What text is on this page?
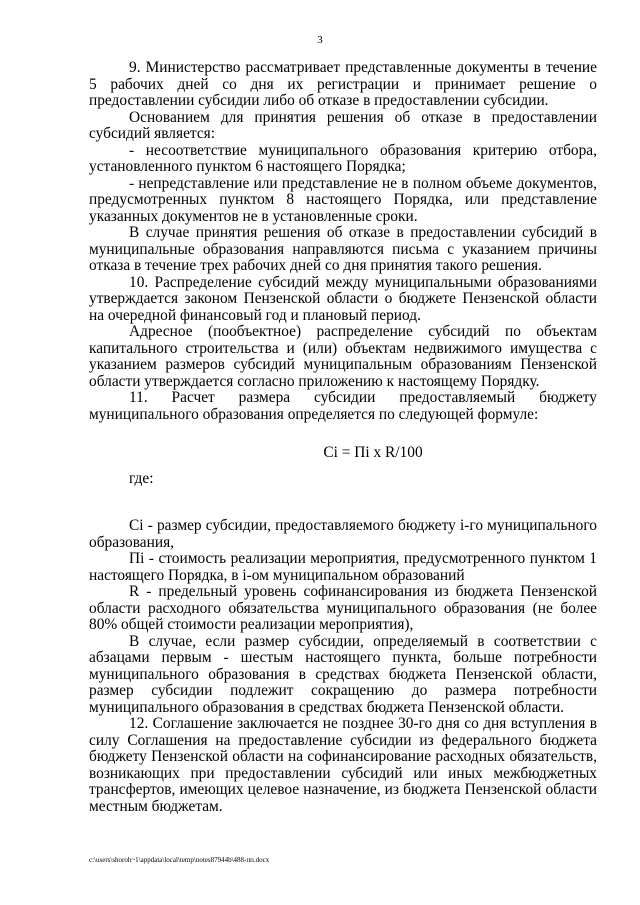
3

9. Министерство рассматривает представленные документы в течение 5 рабочих дней со дня их регистрации и принимает решение о предоставлении субсидии либо об отказе в предоставлении субсидии.

Основанием для принятия решения об отказе в предоставлении субсидий является:

- несоответствие муниципального образования критерию отбора, установленного пунктом 6 настоящего Порядка;

- непредставление или представление не в полном объеме документов, предусмотренных пунктом 8 настоящего Порядка, или представление указанных документов не в установленные сроки.

В случае принятия решения об отказе в предоставлении субсидий в муниципальные образования направляются письма с указанием причины отказа в течение трех рабочих дней со дня принятия такого решения.

10. Распределение субсидий между муниципальными образованиями утверждается законом Пензенской области о бюджете Пензенской области на очередной финансовый год и плановый период.

Адресное (пообъектное) распределение субсидий по объектам капитального строительства и (или) объектам недвижимого имущества с указанием размеров субсидий муниципальным образованиям Пензенской области утверждается согласно приложению к настоящему Порядку.

11. Расчет размера субсидии предоставляемый бюджету муниципального образования определяется по следующей формуле:

Ci = Пi x R/100
где:

Ci - размер субсидии, предоставляемого бюджету i-го муниципального образования,

Пi - стоимость реализации мероприятия, предусмотренного пунктом 1 настоящего Порядка, в i-ом муниципальном образований

R - предельный уровень софинансирования из бюджета Пензенской области расходного обязательства муниципального образования (не более 80% общей стоимости реализации мероприятия),

В случае, если размер субсидии, определяемый в соответствии с абзацами первым - шестым настоящего пункта, больше потребности муниципального образования в средствах бюджета Пензенской области, размер субсидии подлежит сокращению до размера потребности муниципального образования в средствах бюджета Пензенской области.

12. Соглашение заключается не позднее 30-го дня со дня вступления в силу Соглашения на предоставление субсидии из федерального бюджета бюджету Пензенской области на софинансирование расходных обязательств, возникающих при предоставлении субсидий или иных межбюджетных трансфертов, имеющих целевое назначение, из бюджета Пензенской области местным бюджетам.

c:\users\shoroh~1\appdata\local\temp\notes87944b\488-пп.docx
